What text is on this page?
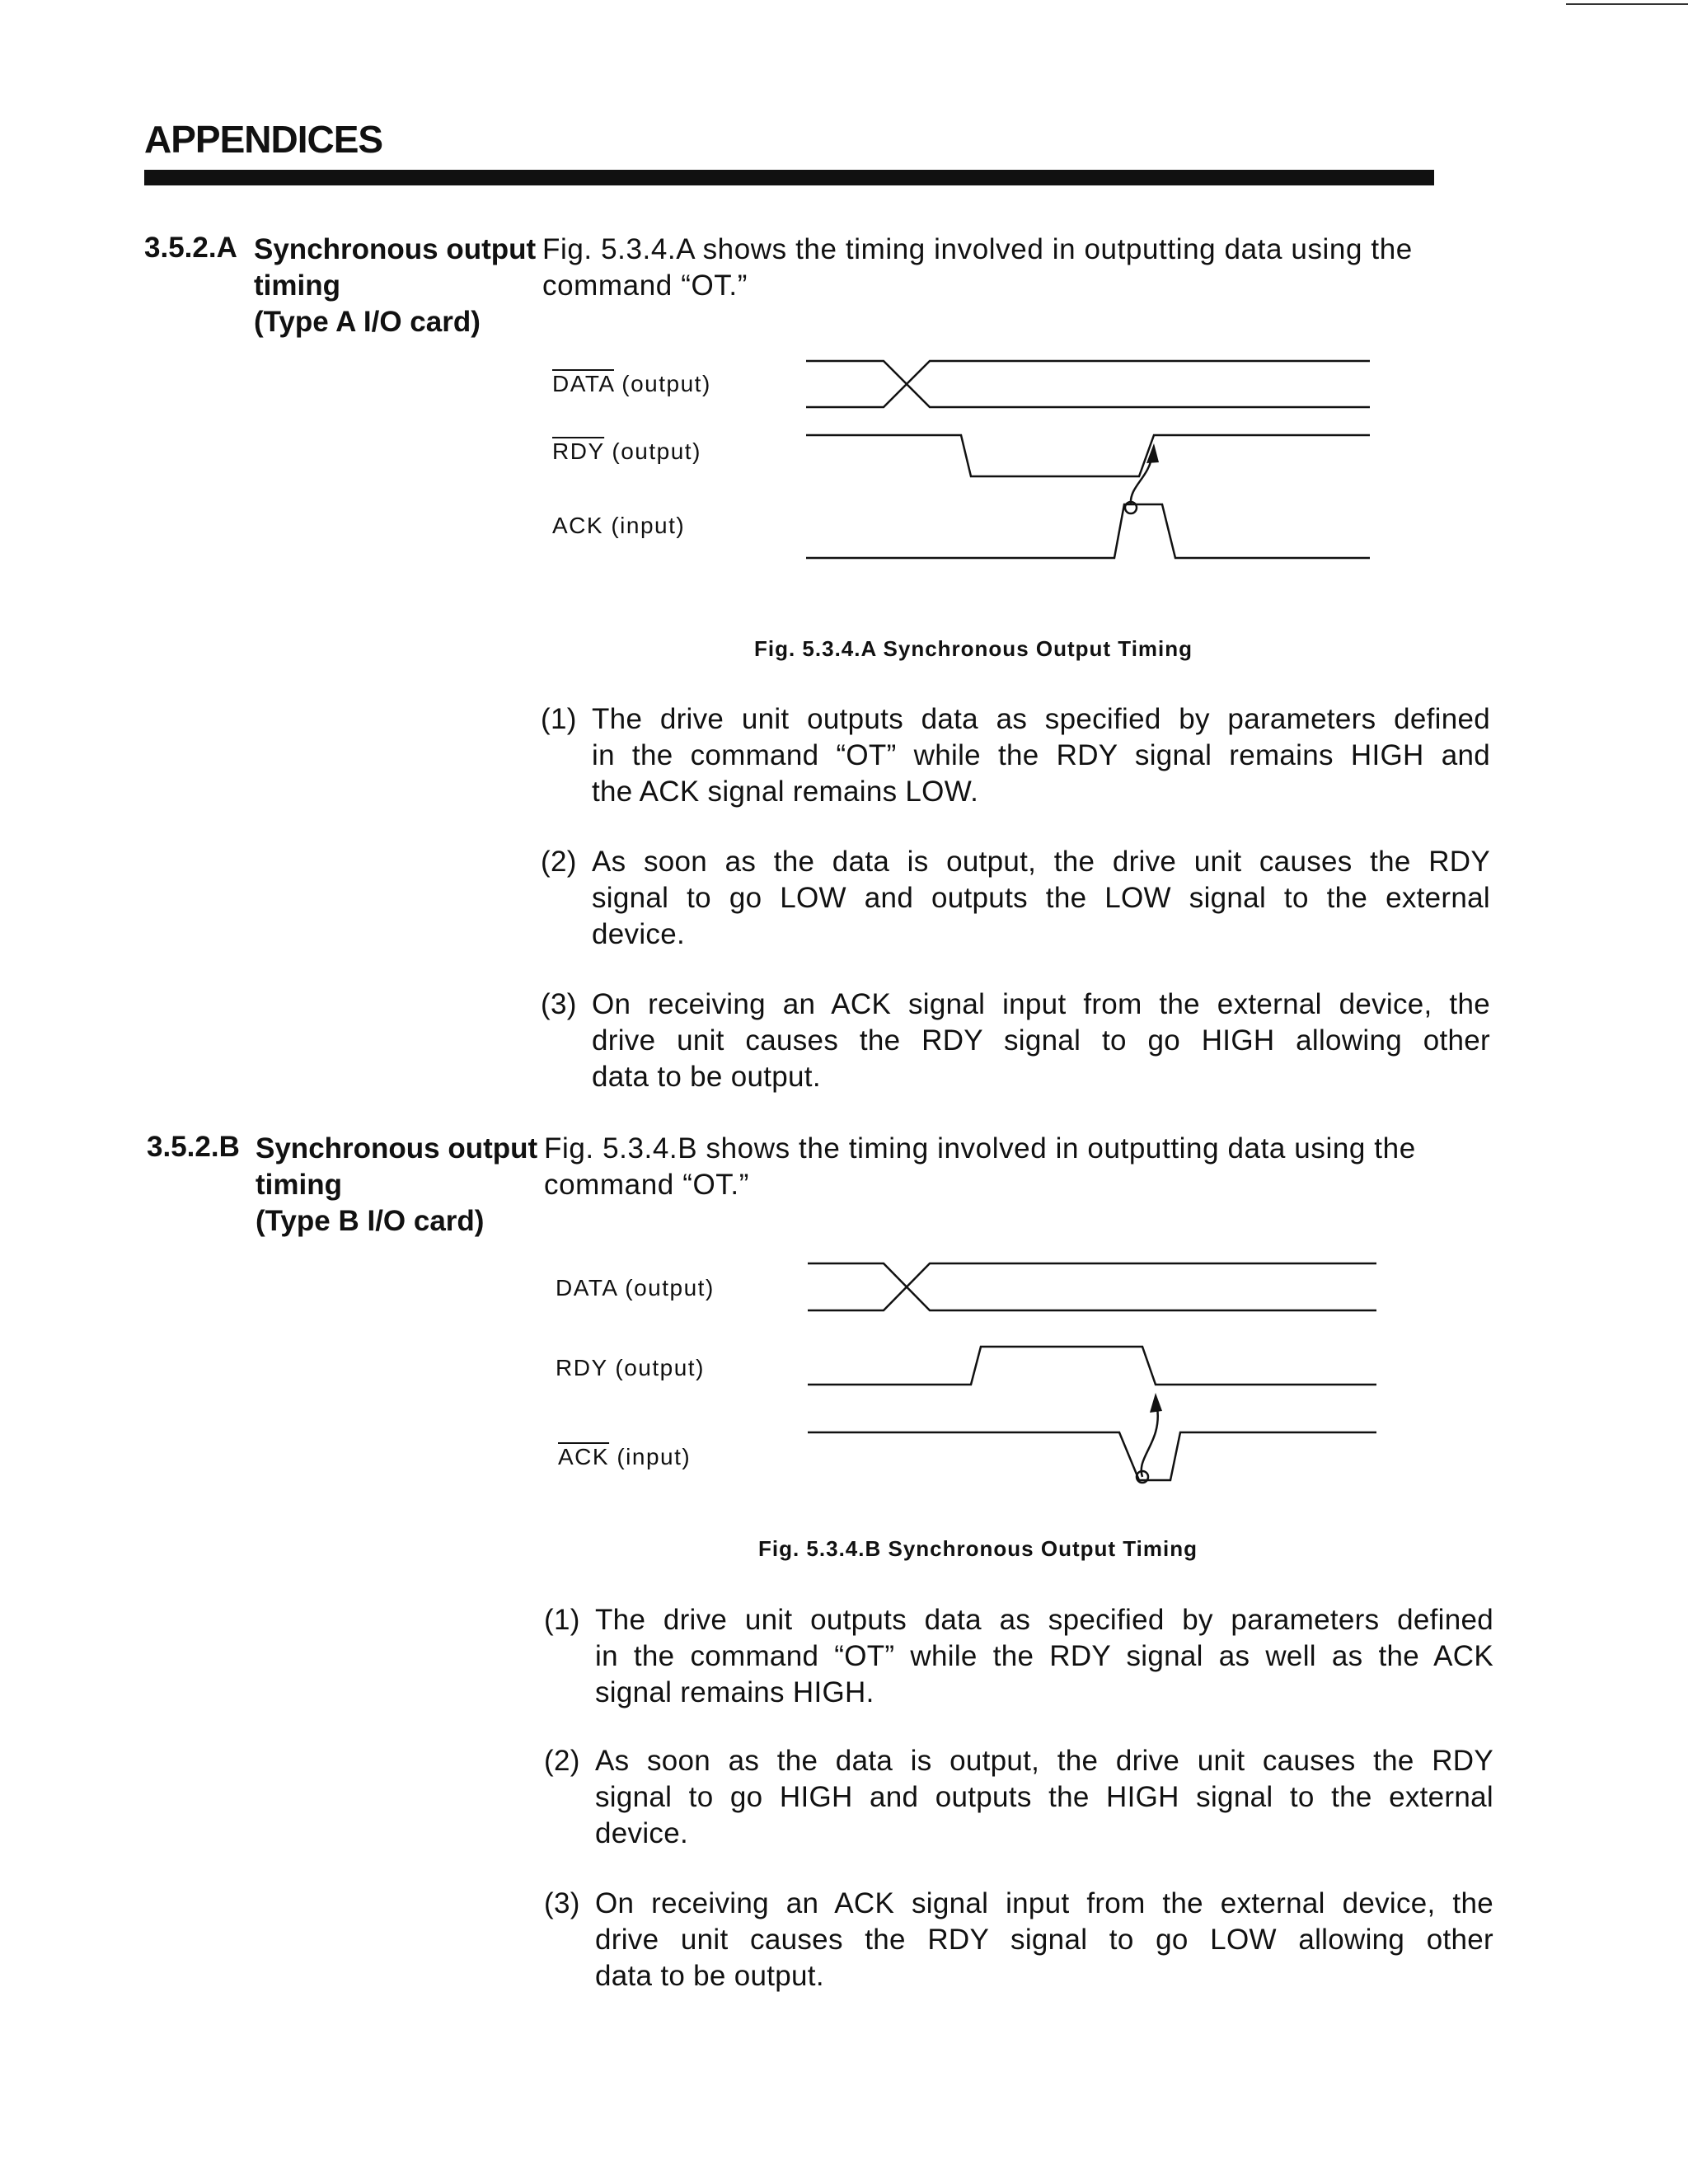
APPENDICES
3.5.2.A Synchronous output
timing
(Type A I/O card)
Fig. 5.3.4.A shows the timing involved in outputting data using the
command “OT.”
DATA (output)
$\overline{RDY}$ (output)
ACK (input)
Fig. 5.3.4.A Synchronous Output Timing
(1) The drive unit outputs data as specified by parameters defined
in the command “OT” while the RDY signal remains HIGH and
the ACK signal remains LOW.
(2) As soon as the data is output, the drive unit causes the RDY
signal to go LOW and outputs the LOW signal to the external
device.
(3) On receiving an ACK signal input from the external device, the
drive unit causes the RDY signal to go HIGH allowing other
data to be output.
3.5.2.B Synchronous output
timing
(Type B I/O card)
Fig. 5.3.4.B shows the timing involved in outputting data using the
command “OT.”
DATA (output)
RDY (output)
$\overline{ACK}$ (input)
Fig. 5.3.4.B Synchronous Output Timing
(1) The drive unit outputs data as specified by parameters defined
in the command “OT” while the RDY signal as well as the ACK
signal remains HIGH.
(2) As soon as the data is output, the drive unit causes the RDY
signal to go HIGH and outputs the HIGH signal to the external
device.
(3) On receiving an ACK signal input from the external device, the
drive unit causes the RDY signal to go LOW allowing other
data to be output.
